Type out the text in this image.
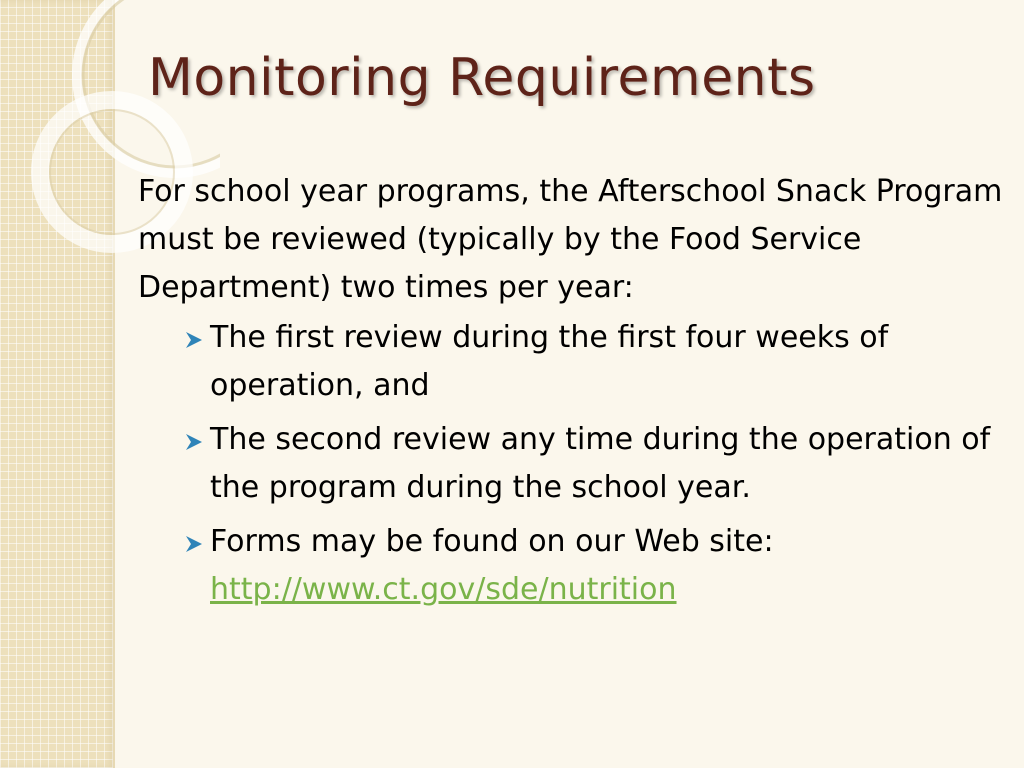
Monitoring Requirements
For school year programs, the Afterschool Snack Program must be reviewed (typically by the Food Service Department) two times per year:
The first review during the first four weeks of operation, and
The second review any time during the operation of the program during the school year.
Forms may be found on our Web site:
http://www.ct.gov/sde/nutrition
